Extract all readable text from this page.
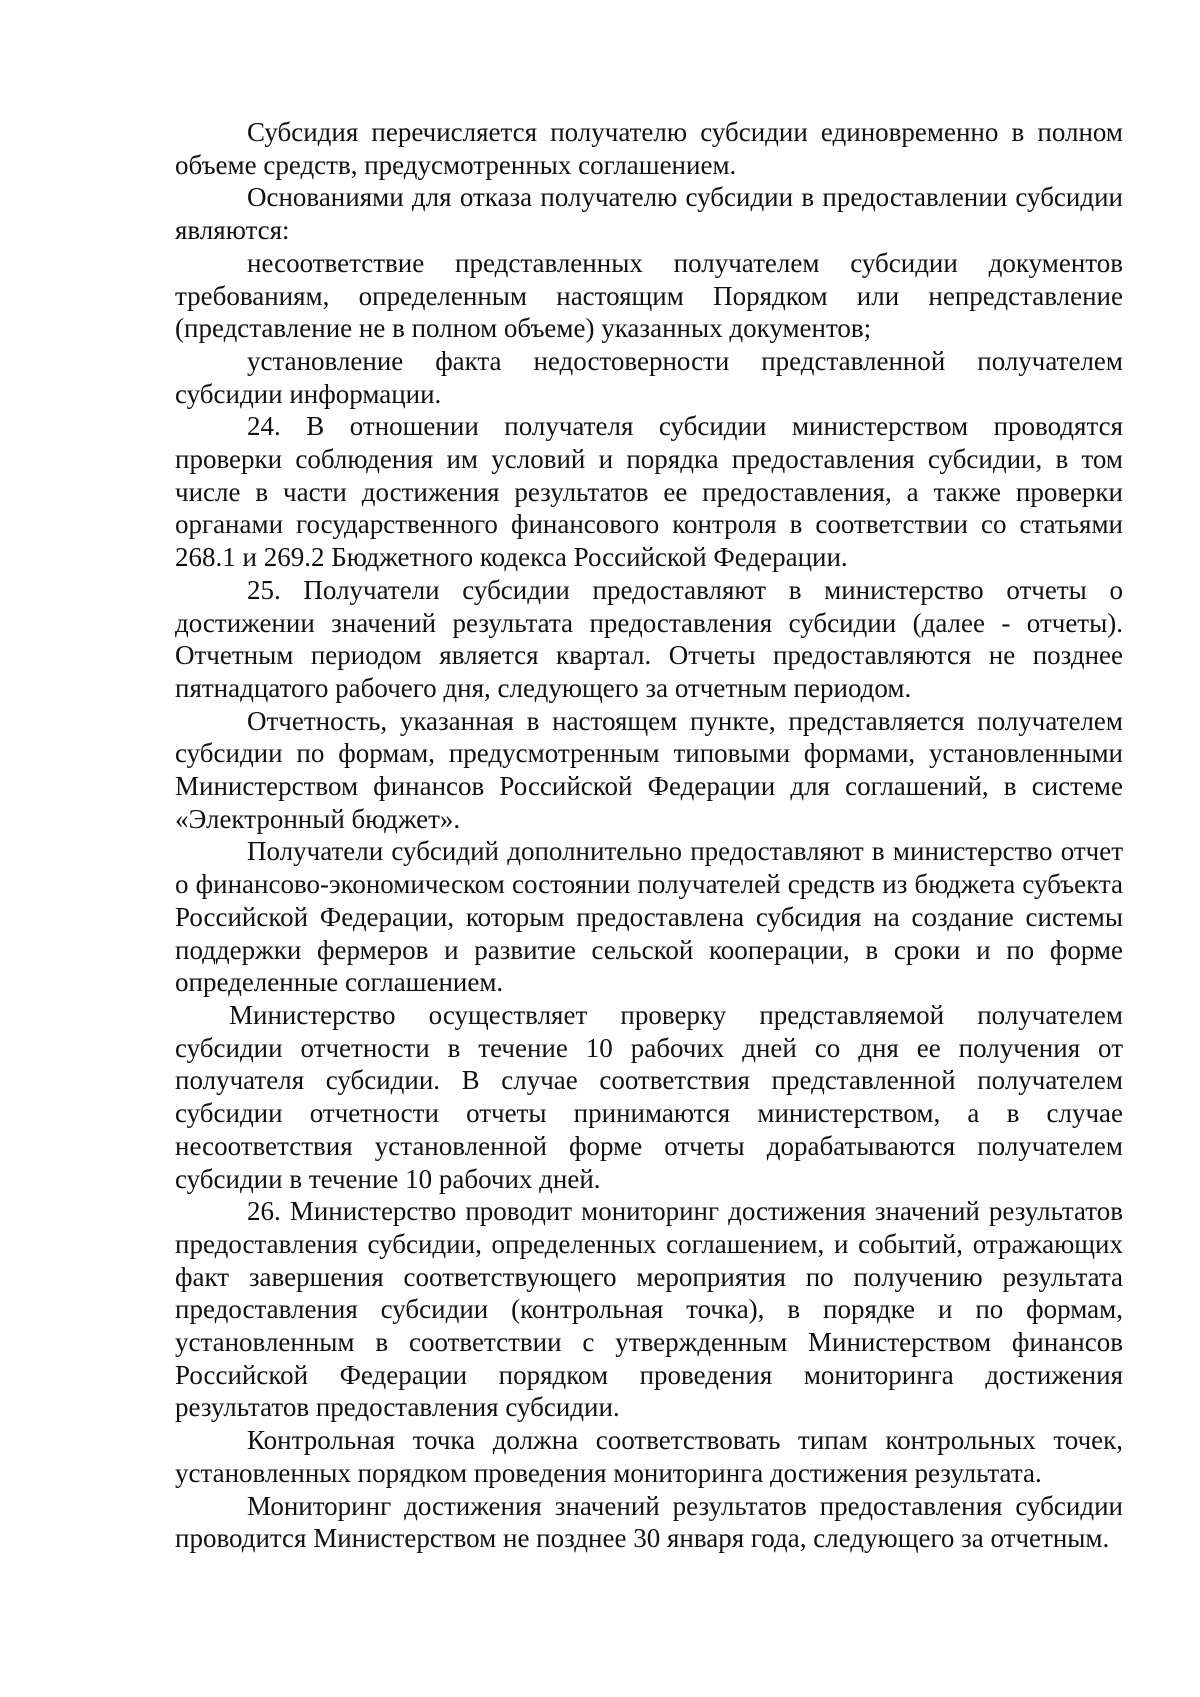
Субсидия перечисляется получателю субсидии единовременно в полном объеме средств, предусмотренных соглашением.

Основаниями для отказа получателю субсидии в предоставлении субсидии являются:

несоответствие представленных получателем субсидии документов требованиям, определенным настоящим Порядком или непредставление (представление не в полном объеме) указанных документов;

установление факта недостоверности представленной получателем субсидии информации.

24. В отношении получателя субсидии министерством проводятся проверки соблюдения им условий и порядка предоставления субсидии, в том числе в части достижения результатов ее предоставления, а также проверки органами государственного финансового контроля в соответствии со статьями 268.1 и 269.2 Бюджетного кодекса Российской Федерации.

25. Получатели субсидии предоставляют в министерство отчеты о достижении значений результата предоставления субсидии (далее - отчеты). Отчетным периодом является квартал. Отчеты предоставляются не позднее пятнадцатого рабочего дня, следующего за отчетным периодом.

Отчетность, указанная в настоящем пункте, представляется получателем субсидии по формам, предусмотренным типовыми формами, установленными Министерством финансов Российской Федерации для соглашений, в системе «Электронный бюджет».

Получатели субсидий дополнительно предоставляют в министерство отчет о финансово-экономическом состоянии получателей средств из бюджета субъекта Российской Федерации, которым предоставлена субсидия на создание системы поддержки фермеров и развитие сельской кооперации, в сроки и по форме определенные соглашением.

Министерство осуществляет проверку представляемой получателем субсидии отчетности в течение 10 рабочих дней со дня ее получения от получателя субсидии. В случае соответствия представленной получателем субсидии отчетности отчеты принимаются министерством, а в случае несоответствия установленной форме отчеты дорабатываются получателем субсидии в течение 10 рабочих дней.

26. Министерство проводит мониторинг достижения значений результатов предоставления субсидии, определенных соглашением, и событий, отражающих факт завершения соответствующего мероприятия по получению результата предоставления субсидии (контрольная точка), в порядке и по формам, установленным в соответствии с утвержденным Министерством финансов Российской Федерации порядком проведения мониторинга достижения результатов предоставления субсидии.

Контрольная точка должна соответствовать типам контрольных точек, установленных порядком проведения мониторинга достижения результата.

Мониторинг достижения значений результатов предоставления субсидии проводится Министерством не позднее 30 января года, следующего за отчетным.
